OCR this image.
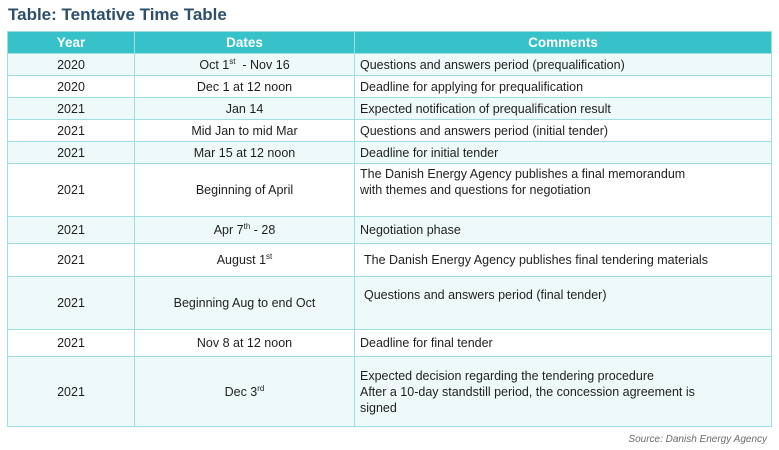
Table: Tentative Time Table
Year	Dates	Comments
2020	Oct 1st  - Nov 16	Questions and answers period (prequalification)
2020	Dec 1 at 12 noon	Deadline for applying for prequalification
2021	Jan 14	Expected notification of prequalification result
2021	Mid Jan to mid Mar	Questions and answers period (initial tender)
2021	Mar 15 at 12 noon	Deadline for initial tender
2021	Beginning of April	The Danish Energy Agency publishes a final memorandum
with themes and questions for negotiation

2021	Apr 7th - 28	Negotiation phase
2021	August 1st	The Danish Energy Agency publishes final tendering materials
2021	Beginning Aug to end Oct	Questions and answers period (final tender)
2021	Nov 8 at 12 noon	Deadline for final tender
2021	Dec 3rd	Expected decision regarding the tendering procedure
After a 10-day standstill period, the concession agreement is
signed
Source: Danish Energy Agency
